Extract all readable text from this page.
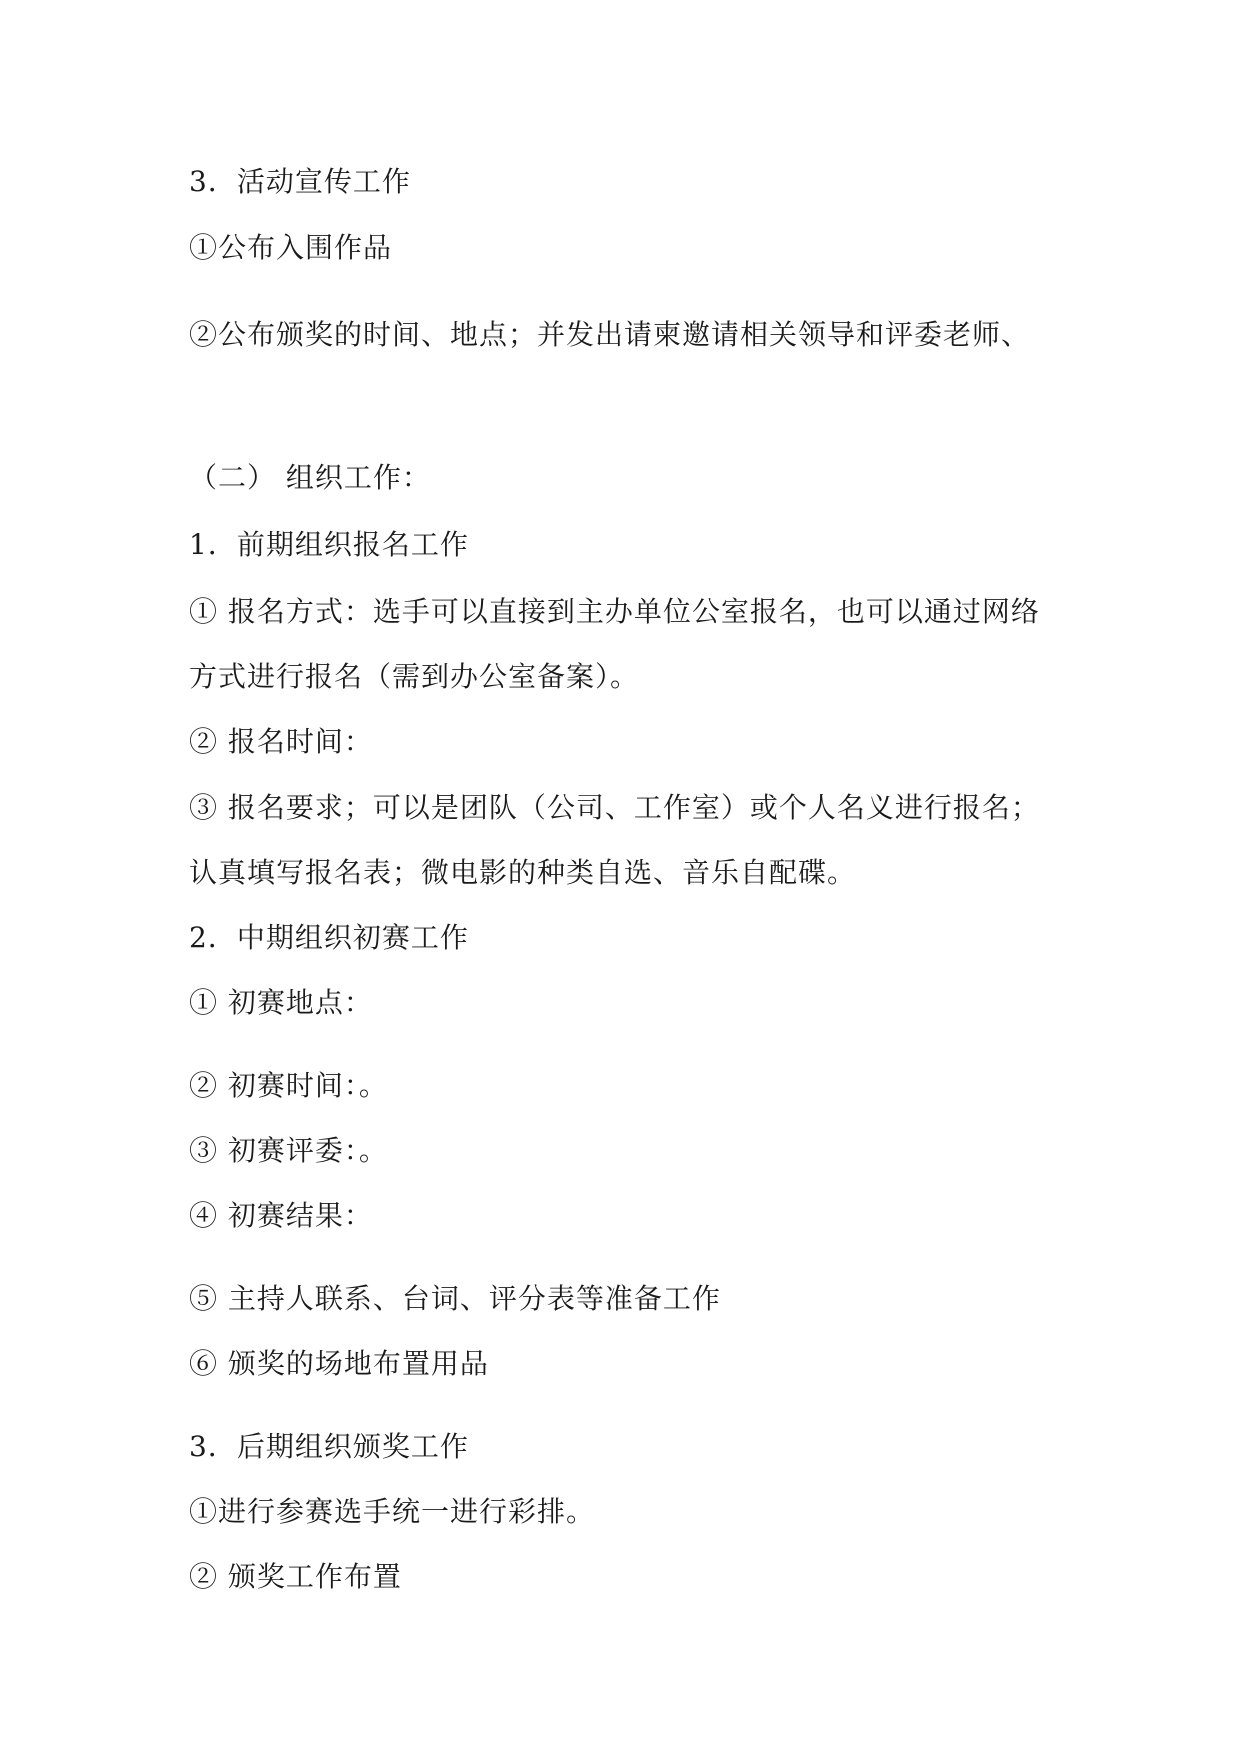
3．活动宣传工作
①公布入围作品
②公布颁奖的时间、地点；并发出请柬邀请相关领导和评委老师、
（二） 组织工作：
1．前期组织报名工作
① 报名方式：选手可以直接到主办单位公室报名，也可以通过网络
方式进行报名（需到办公室备案）。
② 报名时间：
③ 报名要求；可以是团队（公司、工作室）或个人名义进行报名；
认真填写报名表；微电影的种类自选、音乐自配碟。
2．中期组织初赛工作
① 初赛地点：
② 初赛时间：。
③ 初赛评委：。
④ 初赛结果：
⑤ 主持人联系、台词、评分表等准备工作
⑥ 颁奖的场地布置用品
3．后期组织颁奖工作
①进行参赛选手统一进行彩排。
② 颁奖工作布置
